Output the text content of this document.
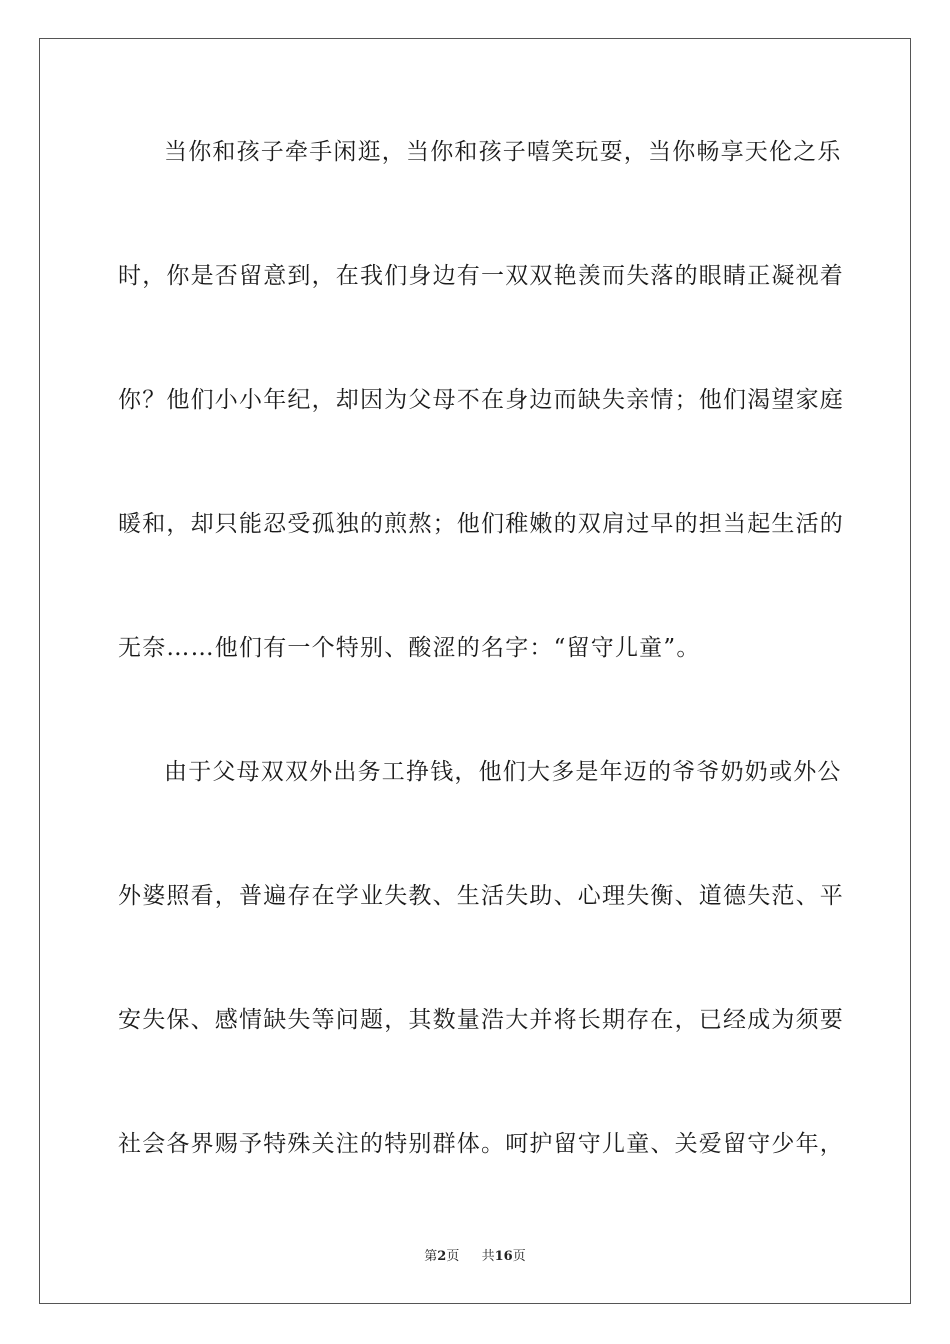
当你和孩子牵手闲逛，当你和孩子嘻笑玩耍，当你畅享天伦之乐
时，你是否留意到，在我们身边有一双双艳羡而失落的眼睛正凝视着
你？他们小小年纪，却因为父母不在身边而缺失亲情；他们渴望家庭
暖和，却只能忍受孤独的煎熬；他们稚嫩的双肩过早的担当起生活的
无奈……他们有一个特别、酸涩的名字：“留守儿童”。
由于父母双双外出务工挣钱，他们大多是年迈的爷爷奶奶或外公
外婆照看，普遍存在学业失教、生活失助、心理失衡、道德失范、平
安失保、感情缺失等问题，其数量浩大并将长期存在，已经成为须要
社会各界赐予特殊关注的特别群体。呵护留守儿童、关爱留守少年，
第2页 共16页
